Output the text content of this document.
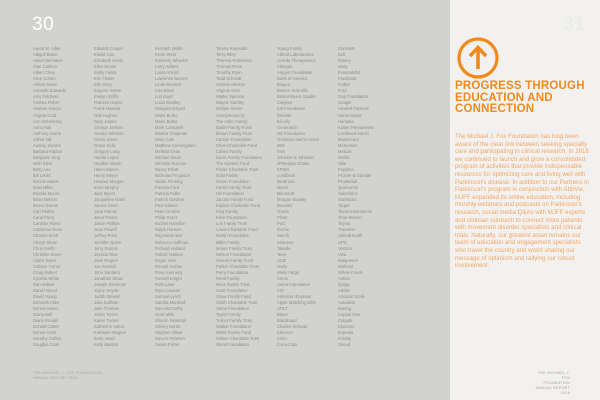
30
Aaron M. Adler
Abigail Baker
Adam Bernstein
Alan Carlson
Albert Chen
Alice Cohen
Allison Davis
Amanda Edwards
Amy Feldman
Andrea Fisher
Andrew Garcia
Angela Gold
Ann Greenberg
Anna Hall
Anthony Harris
Arthur Hill
Audrey Jacobs
Barbara Kaplan
Benjamin King
Beth Klein
Betty Lee
Bill Lewis
Bonnie Martin
Brad Miller
Brenda Moore
Brian Nelson
Bruce Owens
Carl Parker
Carol Perry
Caroline Reed
Catherine Ross
Charles Scott
Cheryl Shaw
Chris Smith
Christine Stone
Claire Taylor
Colleen Turner
Craig Walker
Cynthia White
Dan Wilson
Daniel Wood
David Young
Deborah Allen
Dennis Baker
Diana Bell
Diane Brooks
Donald Carter
Donna Clark
Dorothy Collins
Douglas Cook
Edward Cooper
Elaine Cox
Elizabeth Davis
Ellen Evans
Emily Fields
Eric Foster
Erin Gray
Eugene Green
Evelyn Griffin
Frances Hayes
Frank Howard
Gail Hughes
Gary James
George Jenkins
Gerald Johnson
Gloria Jones
Grace Kelly
Gregory Long
Harold Lopez
Heather Marsh
Helen Mason
Henry Meyer
Howard Morgan
Irene Murphy
Jack Myers
Jacqueline Nash
James Owen
Jane Palmer
Janet Peters
Jason Phillips
Jean Powell
Jeffrey Price
Jennifer Quinn
Jerry Ramos
Jessica Rice
Joan Rogers
Joe Russell
John Sanders
Jonathan Shaw
Joseph Simmons
Joyce Snyder
Judith Stewart
Julia Sullivan
Julie Thomas
Justin Torres
Karen Tucker
Katherine Vance
Kathleen Wagner
Keith Ward
Kelly Watson
Kenneth Webb
Kevin West
Kimberly Wheeler
Larry Adams
Laura Arnold
Lawrence Barnes
Linda Bennett
Lisa Black
Lori Boyd
Louis Bradley
Margaret Bryant
Maria Burke
Marie Butler
Mark Campbell
Martha Chapman
Mary Cole
Matthew Cunningham
Melissa Dean
Michael Dixon
Michelle Duncan
Nancy Elliott
Nicholas Ferguson
Nicole Fleming
Pamela Ford
Patricia Fuller
Patrick Gardner
Paul Gibson
Peter Gordon
Philip Grant
Rachel Hamilton
Ralph Hansen
Raymond Hart
Rebecca Hoffman
Richard Holland
Robert Hudson
Roger Hunt
Ronald Jordan
Rose Kennedy
Russell Knight
Ruth Lane
Ryan Lawson
Samuel Lynch
Sandra Marshall
Sara McCarthy
Scott Mills
Sharon Newman
Shirley Norris
Stephen Oliver
Steven Pearson
Susan Porter
Teresa Reynolds
Terry Riley
Theresa Robertson
Thomas Rose
Timothy Ryan
Todd Schmidt
Victoria Shelton
Virginia Sims
Walter Spencer
Wayne Stanley
William Steele
Anonymous (3)
The Adler Family
Bader Family Fund
Brown Family Trust
Carson Foundation
Chen Charitable Fund
Cohen Family
Davis Family Foundation
The Epstein Fund
Fisher Charitable Trust
Gold Family
Green Foundation
Harris Family Trust
Hill Foundation
Jacobs Family Fund
Kaplan Charitable Fund
King Family
Klein Foundation
Lee Family Trust
Lewis Charitable Fund
Martin Foundation
Miller Family
Moore Family Trust
Nelson Foundation
Owens Family Fund
Parker Charitable Trust
Perry Foundation
Reed Family
Ross Family Trust
Scott Foundation
Shaw Family Fund
Smith Charitable Trust
Stone Foundation
Taylor Family
Turner Family Trust
Walker Foundation
White Family Fund
Wilson Charitable Trust
Wood Foundation
Young Family
Abbott Laboratories
Acorda Therapeutics
Allergan
Amgen Foundation
Bank of America
Biogen
Boston Scientific
Bristol-Myers Squibb
Celgene
Citi Foundation
Deloitte
Eli Lilly
Genentech
GE Foundation
Goldman Sachs Gives
IBM
Intel
Johnson & Johnson
JPMorgan Chase
KPMG
Lundbeck
Medtronic
Merck
Microsoft
Morgan Stanley
Novartis
Oracle
Pfizer
PwC
Roche
Sanofi
Siemens
Takeda
Teva
UCB
Verily
Wells Fargo
Xerox
Aetna Foundation
AIG
American Express
Apple Matching Gifts
AT&T
Bayer
Blackbaud
Charles Schwab
Chevron
Cisco
Coca-Cola
Comcast
Dell
Disney
eBay
ExxonMobil
Facebook
FedEx
Ford
Gap Foundation
Google
Hewlett Packard
Home Depot
Humana
Kaiser Permanente
Lockheed Martin
Mastercard
McKesson
MetLife
Netflix
Nike
PepsiCo
Procter & Gamble
Prudential
Qualcomm
Salesforce
Starbucks
Target
Texas Instruments
Time Warner
Toyota
Travelers
UnitedHealth
UPS
Verizon
Visa
Walgreens
Walmart
Whole Foods
Yahoo
Zynga
Adobe
Amazon Smile
Autodesk
Boeing
Capital One
Colgate
Discover
Expedia
Fidelity
Gilead
THE MICHAEL J. FOX FOUNDATION
ANNUAL REPORT 2016
31
PROGRESS THROUGH EDUCATION AND CONNECTION
The Michael J. Fox Foundation has long been aware of the clear link between seeking specialty care and participating in clinical research. In 2016 we continued to launch and grow a consolidated program of activities that provide indispensable resources for optimizing care and living well with Parkinson's disease. In addition to our Partners in Parkinson's program in conjunction with AbbVie, MJFF expanded its online education, including monthly webinars and podcasts on Parkinson's research, social media Q&As with MJFF experts and clinician outreach to connect more patients with movement disorder specialists and clinical trials. Naturally, our greatest asset remains our team of education and engagement specialists who travel the country and world sharing our message of optimism and rallying our robust involvement.
THE MICHAEL J. FOX FOUNDATION
ANNUAL REPORT 2016
